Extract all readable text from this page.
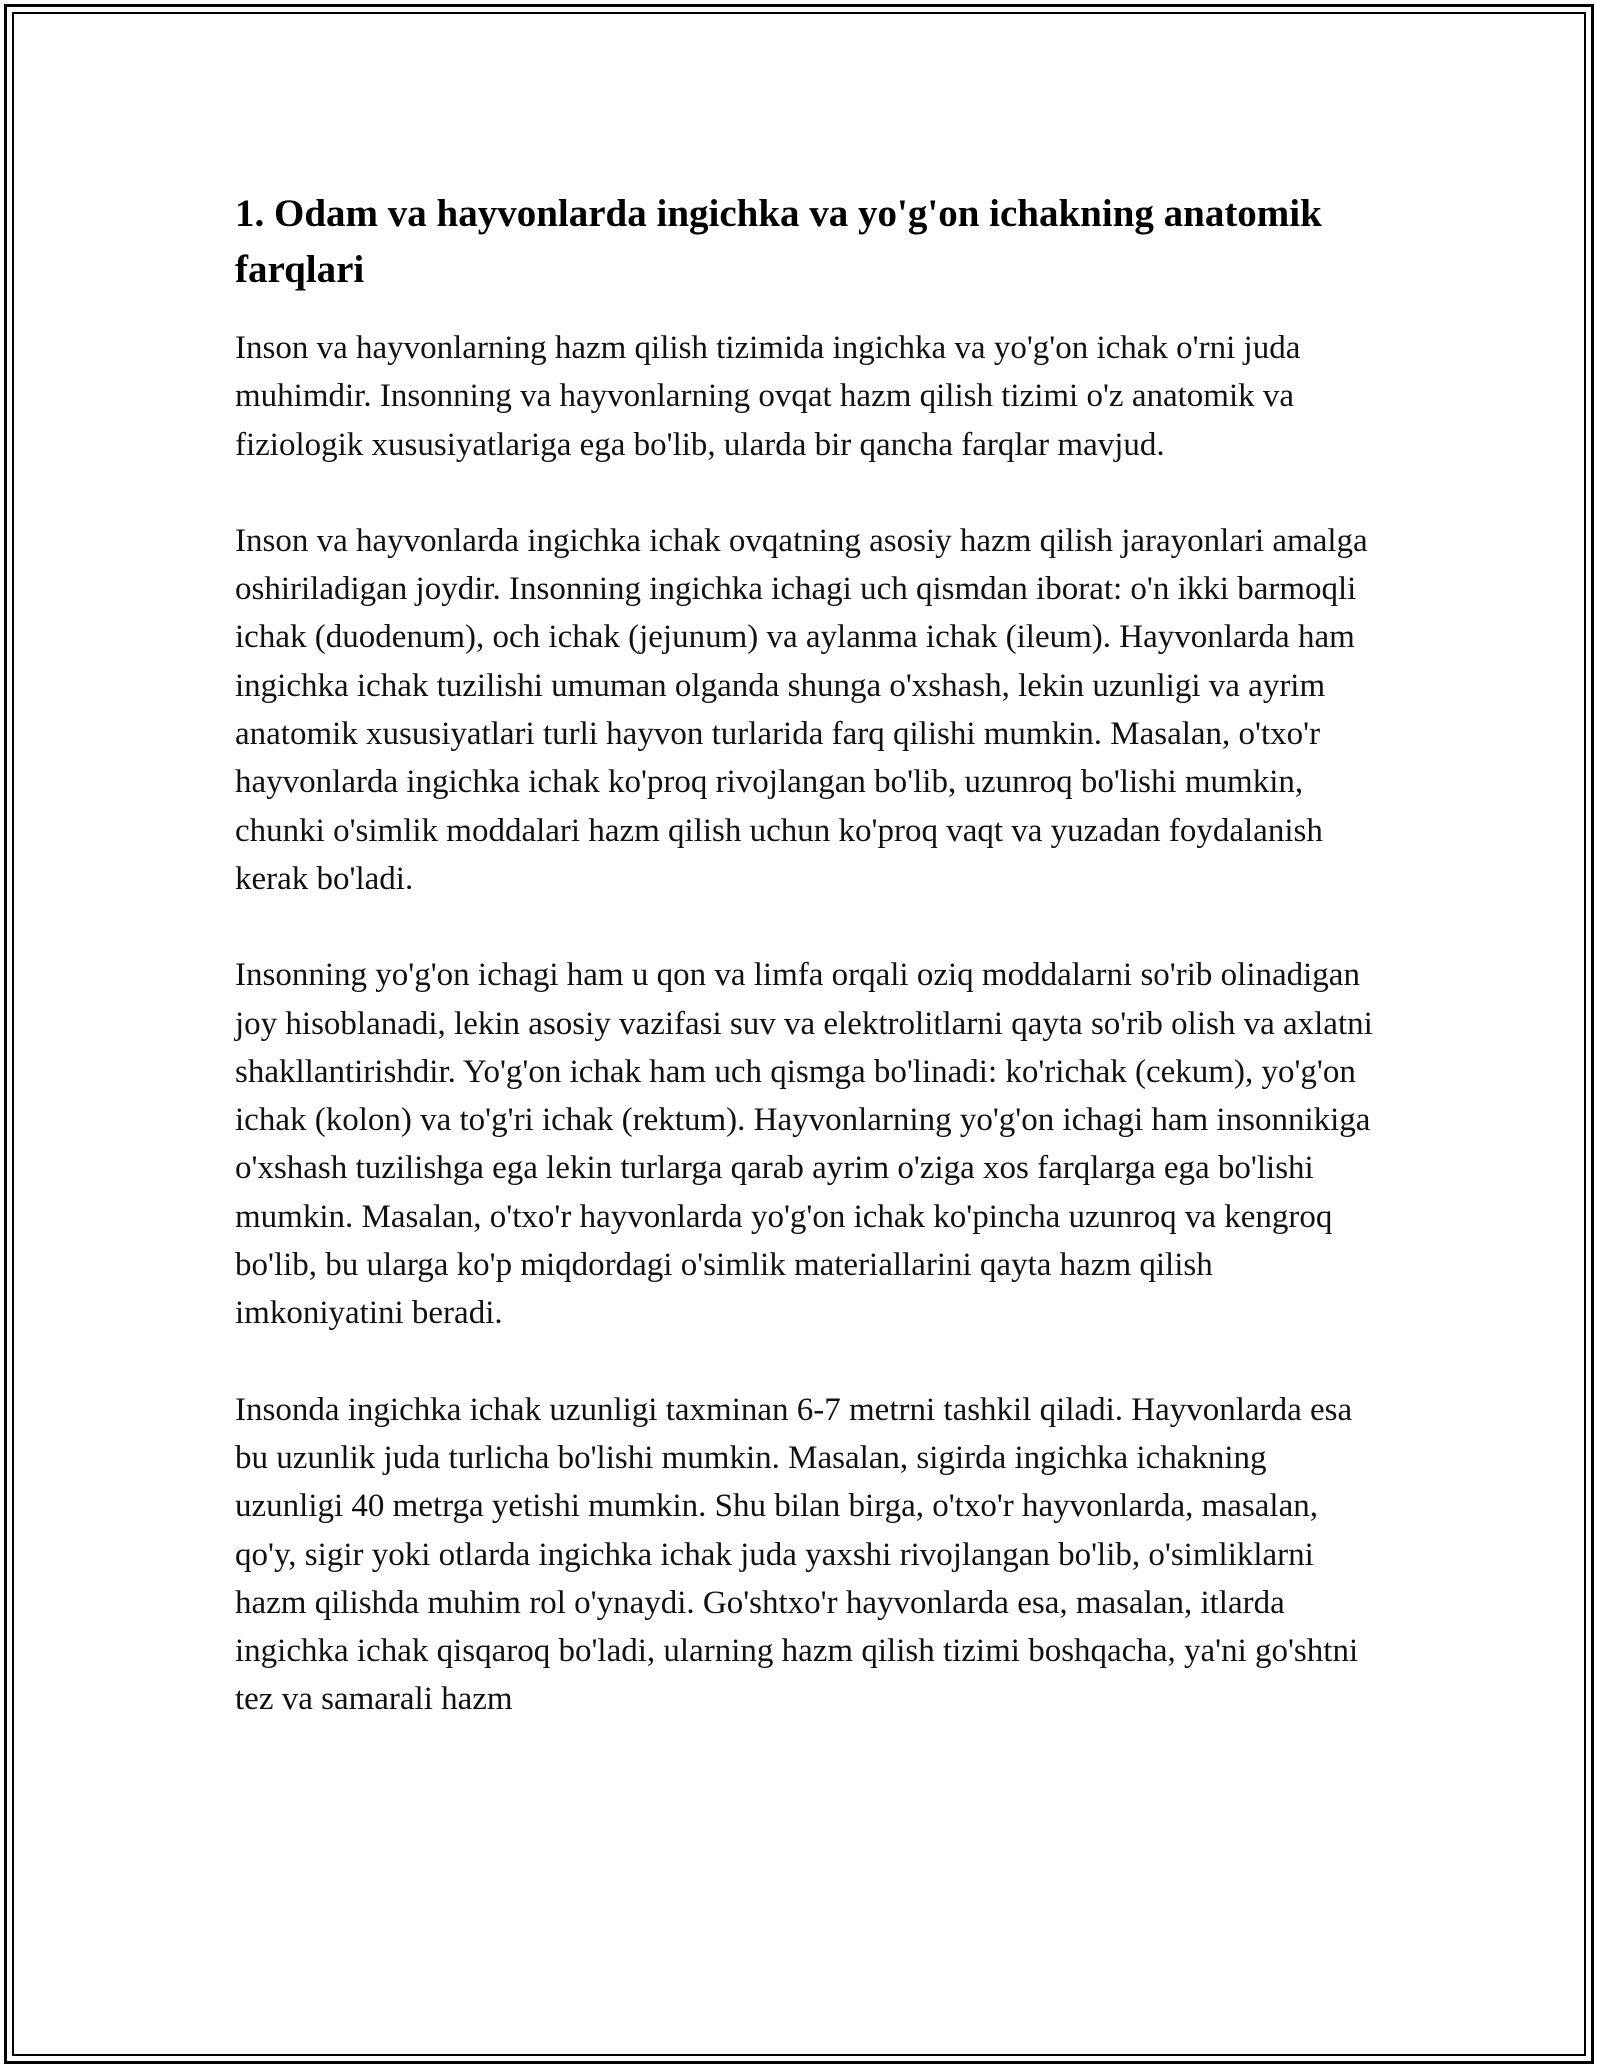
1. Odam va hayvonlarda ingichka va yo'g'on ichakning anatomik farqlari

Inson va hayvonlarning hazm qilish tizimida ingichka va yo'g'on ichak o'rni juda muhimdir. Insonning va hayvonlarning ovqat hazm qilish tizimi o'z anatomik va fiziologik xususiyatlariga ega bo'lib, ularda bir qancha farqlar mavjud.

Inson va hayvonlarda ingichka ichak ovqatning asosiy hazm qilish jarayonlari amalga oshiriladigan joydir. Insonning ingichka ichagi uch qismdan iborat: o'n ikki barmoqli ichak (duodenum), och ichak (jejunum) va aylanma ichak (ileum). Hayvonlarda ham ingichka ichak tuzilishi umuman olganda shunga o'xshash, lekin uzunligi va ayrim anatomik xususiyatlari turli hayvon turlarida farq qilishi mumkin. Masalan, o'txo'r hayvonlarda ingichka ichak ko'proq rivojlangan bo'lib, uzunroq bo'lishi mumkin, chunki o'simlik moddalari hazm qilish uchun ko'proq vaqt va yuzadan foydalanish kerak bo'ladi.

Insonning yo'g'on ichagi ham u qon va limfa orqali oziq moddalarni so'rib olinadigan joy hisoblanadi, lekin asosiy vazifasi suv va elektrolitlarni qayta so'rib olish va axlatni shakllantirishdir. Yo'g'on ichak ham uch qismga bo'linadi: ko'richak (cekum), yo'g'on ichak (kolon) va to'g'ri ichak (rektum). Hayvonlarning yo'g'on ichagi ham insonnikiga o'xshash tuzilishga ega lekin turlarga qarab ayrim o'ziga xos farqlarga ega bo'lishi mumkin. Masalan, o'txo'r hayvonlarda yo'g'on ichak ko'pincha uzunroq va kengroq bo'lib, bu ularga ko'p miqdordagi o'simlik materiallarini qayta hazm qilish imkoniyatini beradi.

Insonda ingichka ichak uzunligi taxminan 6-7 metrni tashkil qiladi. Hayvonlarda esa bu uzunlik juda turlicha bo'lishi mumkin. Masalan, sigirda ingichka ichakning uzunligi 40 metrga yetishi mumkin. Shu bilan birga, o'txo'r hayvonlarda, masalan, qo'y, sigir yoki otlarda ingichka ichak juda yaxshi rivojlangan bo'lib, o'simliklarni hazm qilishda muhim rol o'ynaydi. Go'shtxo'r hayvonlarda esa, masalan, itlarda ingichka ichak qisqaroq bo'ladi, ularning hazm qilish tizimi boshqacha, ya'ni go'shtni tez va samarali hazm
